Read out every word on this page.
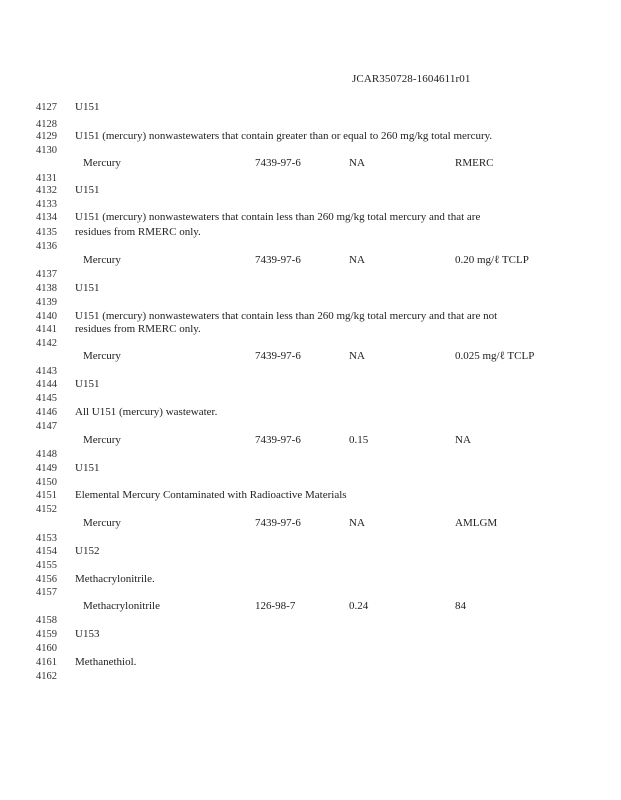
JCAR350728-1604611r01
4127
4128
4129
4130
4131
4132
4133
4134
4135
4136
4137
4138
4139
4140
4141
4142
4143
4144
4145
4146
4147
4148
4149
4150
4151
4152
4153
4154
4155
4156
4157
4158
4159
4160
4161
4162
U151
U151 (mercury) nonwastewaters that contain greater than or equal to 260 mg/kg total mercury.
U151
U151 (mercury) nonwastewaters that contain less than 260 mg/kg total mercury and that are
residues from RMERC only.
U151
U151 (mercury) nonwastewaters that contain less than 260 mg/kg total mercury and that are not
residues from RMERC only.
U151
All U151 (mercury) wastewater.
U151
Elemental Mercury Contaminated with Radioactive Materials
U152
Methacrylonitrile.
U153
Methanethiol.
Mercury	7439-97-6	NA	RMERC
Mercury	7439-97-6	NA	0.20 mg/ℓ TCLP
Mercury	7439-97-6	NA	0.025 mg/ℓ TCLP
Mercury	7439-97-6	0.15	NA
Mercury	7439-97-6	NA	AMLGM
Methacrylonitrile	126-98-7	0.24	84
